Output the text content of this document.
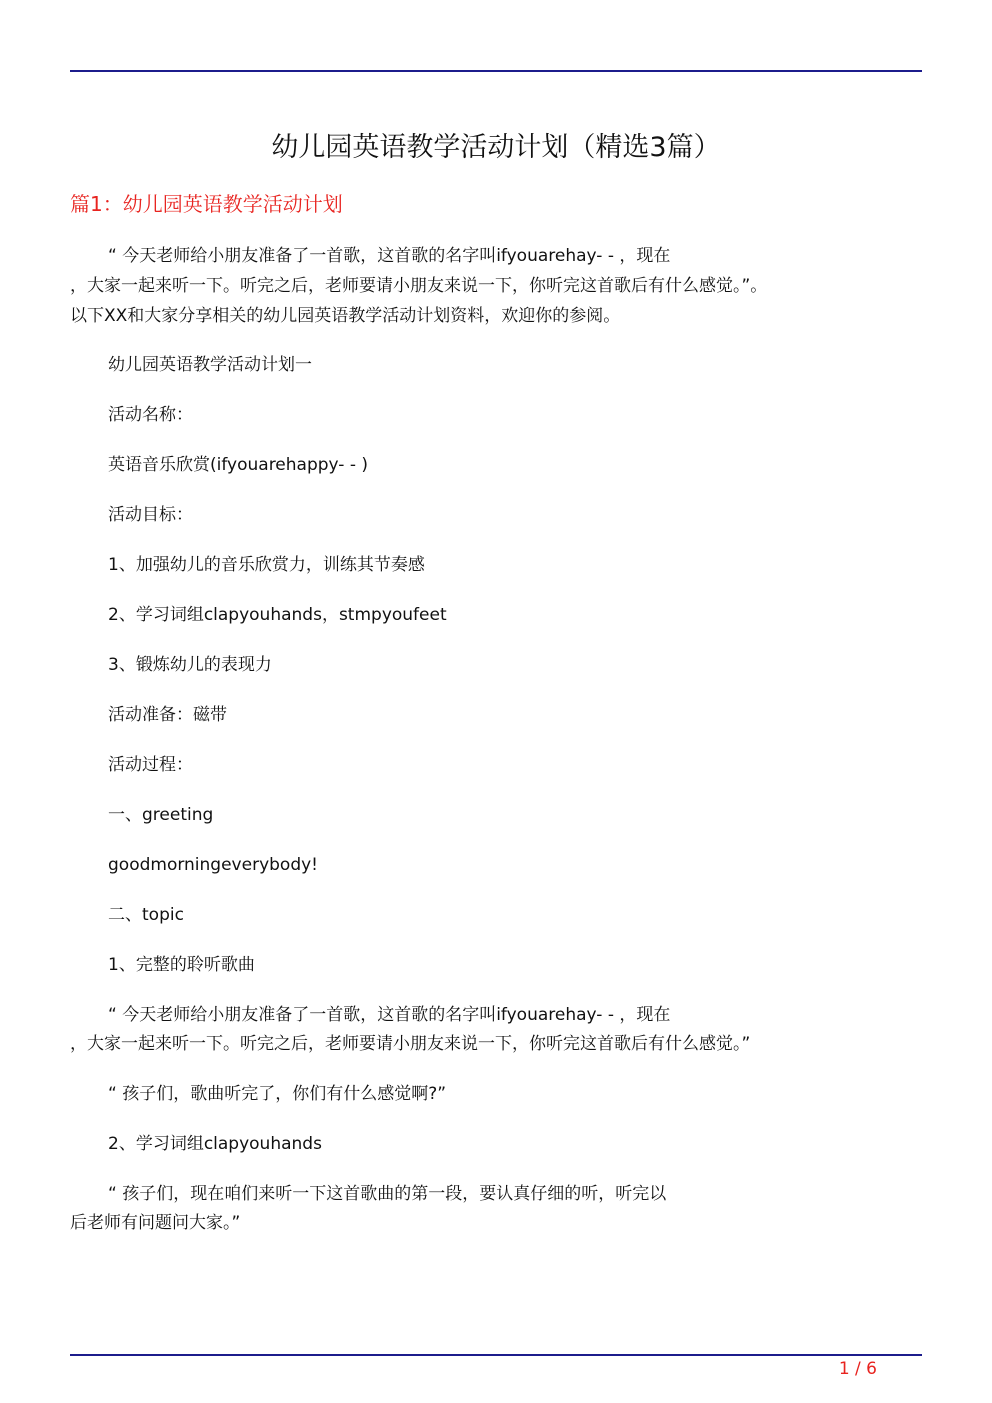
幼儿园英语教学活动计划（精选3篇）
篇1：幼儿园英语教学活动计划
“ 今天老师给小朋友准备了一首歌，这首歌的名字叫ifyouarehay- - ，现在
，大家一起来听一下。听完之后，老师要请小朋友来说一下，你听完这首歌后有什么感觉。”。
以下XX和大家分享相关的幼儿园英语教学活动计划资料，欢迎你的参阅。
幼儿园英语教学活动计划一
活动名称：
英语音乐欣赏(ifyouarehappy- - )
活动目标：
1、加强幼儿的音乐欣赏力，训练其节奏感
2、学习词组clapyouhands，stmpyoufeet
3、锻炼幼儿的表现力
活动准备：磁带
活动过程：
一、greeting
goodmorningeverybody!
二、topic
1、完整的聆听歌曲
“ 今天老师给小朋友准备了一首歌，这首歌的名字叫ifyouarehay- - ，现在
，大家一起来听一下。听完之后，老师要请小朋友来说一下，你听完这首歌后有什么感觉。”
“ 孩子们，歌曲听完了，你们有什么感觉啊?”
2、学习词组clapyouhands
“ 孩子们，现在咱们来听一下这首歌曲的第一段，要认真仔细的听，听完以
后老师有问题问大家。”
1 / 6
